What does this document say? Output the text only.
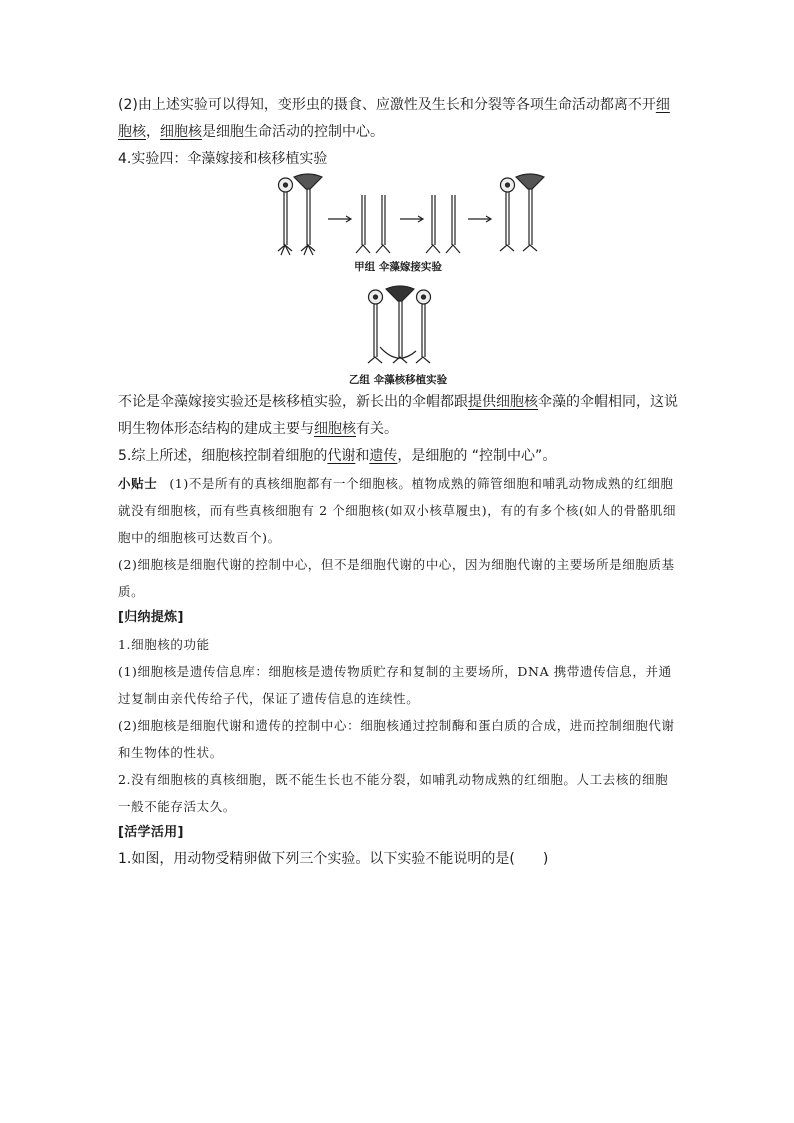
(2)由上述实验可以得知，变形虫的摄食、应激性及生长和分裂等各项生命活动都离不开细胞核，细胞核是细胞生命活动的控制中心。

4.实验四：伞藻嫁接和核移植实验

甲组 伞藻嫁接实验
乙组 伞藻核移植实验

不论是伞藻嫁接实验还是核移植实验，新长出的伞帽都跟提供细胞核伞藻的伞帽相同，这说明生物体形态结构的建成主要与细胞核有关。

5.综上所述，细胞核控制着细胞的代谢和遗传，是细胞的 “控制中心”。

小贴士 (1)不是所有的真核细胞都有一个细胞核。植物成熟的筛管细胞和哺乳动物成熟的红细胞就没有细胞核，而有些真核细胞有 2 个细胞核(如双小核草履虫)，有的有多个核(如人的骨骼肌细胞中的细胞核可达数百个)。

(2)细胞核是细胞代谢的控制中心，但不是细胞代谢的中心，因为细胞代谢的主要场所是细胞质基质。

[归纳提炼]

1.细胞核的功能

(1)细胞核是遗传信息库：细胞核是遗传物质贮存和复制的主要场所，DNA 携带遗传信息，并通过复制由亲代传给子代，保证了遗传信息的连续性。

(2)细胞核是细胞代谢和遗传的控制中心：细胞核通过控制酶和蛋白质的合成，进而控制细胞代谢和生物体的性状。

2.没有细胞核的真核细胞，既不能生长也不能分裂，如哺乳动物成熟的红细胞。人工去核的细胞一般不能存活太久。

[活学活用]

1.如图，用动物受精卵做下列三个实验。以下实验不能说明的是(　　)
